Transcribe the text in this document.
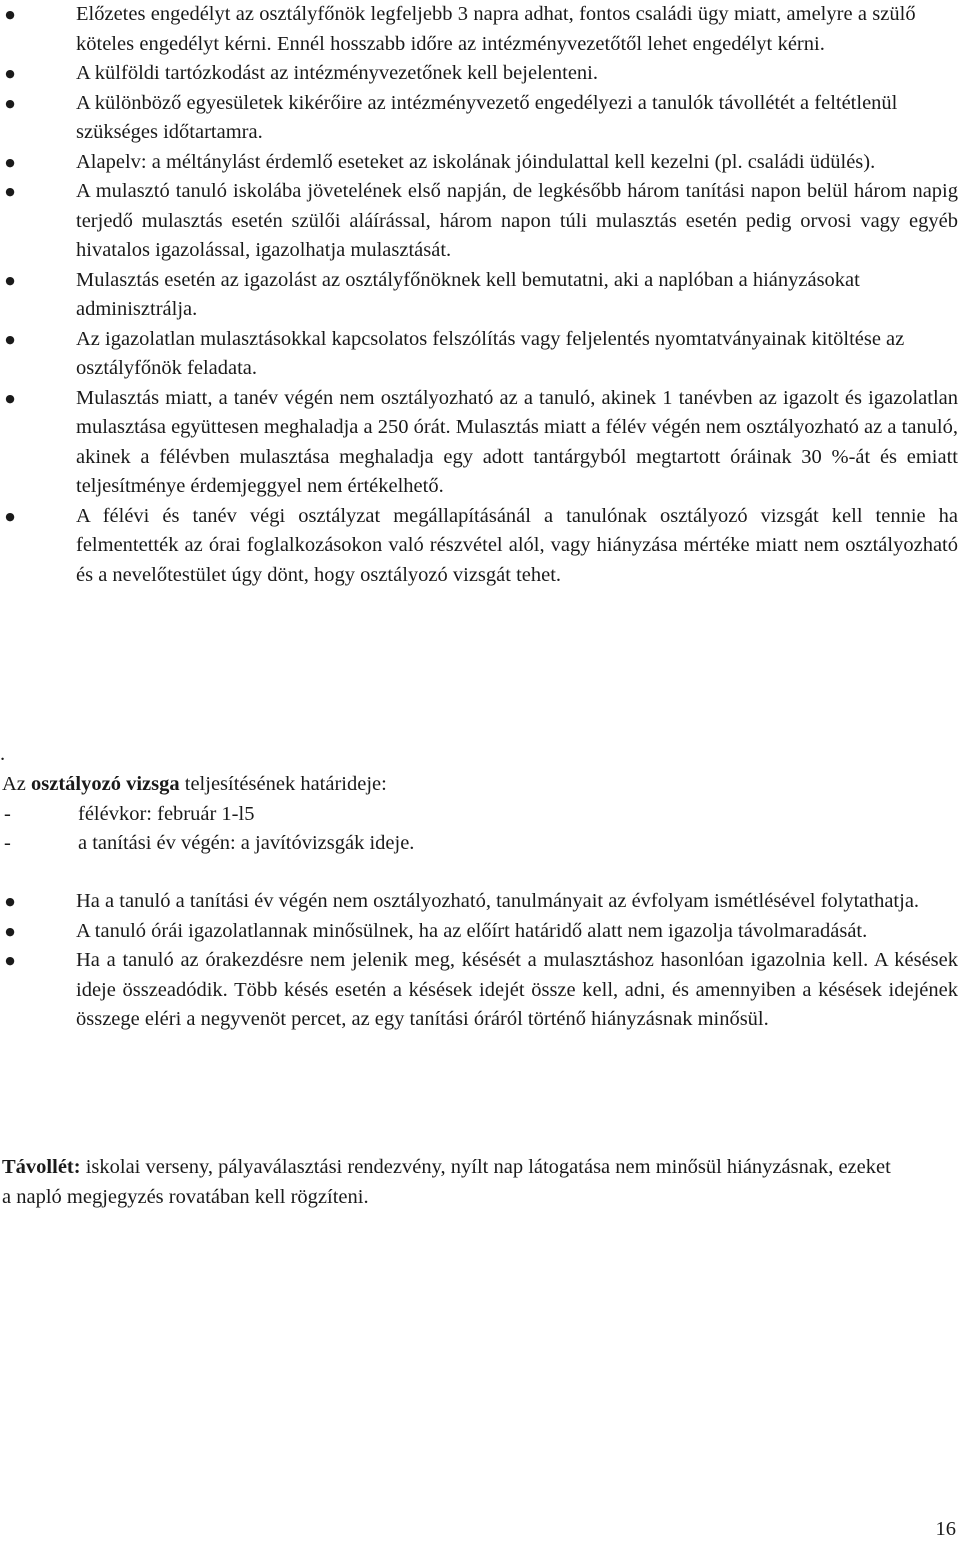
●	Előzetes engedélyt az osztályfőnök legfeljebb 3 napra adhat, fontos családi ügy miatt, amelyre a szülő köteles engedélyt kérni. Ennél hosszabb időre az intézményvezetőtől lehet engedélyt kérni.
●	A külföldi tartózkodást az intézményvezetőnek kell bejelenteni.
●	A különböző egyesületek kikérőire az intézményvezető engedélyezi a tanulók távollétét a feltétlenül szükséges időtartamra.
●	Alapelv: a méltánylást érdemlő eseteket az iskolának jóindulattal kell kezelni (pl. családi üdülés).
●	A mulasztó tanuló iskolába jövetelének első napján, de legkésőbb három tanítási napon belül három napig terjedő mulasztás esetén szülői aláírással, három napon túli mulasztás esetén pedig orvosi vagy egyéb hivatalos igazolással, igazolhatja mulasztását.
●	Mulasztás esetén az igazolást az osztályfőnöknek kell bemutatni, aki a naplóban a hiányzásokat adminisztrálja.
●	Az igazolatlan mulasztásokkal kapcsolatos felszólítás vagy feljelentés nyomtatványainak kitöltése az osztályfőnök feladata.
●	Mulasztás miatt, a tanév végén nem osztályozható az a tanuló, akinek 1 tanévben az igazolt és igazolatlan mulasztása együttesen meghaladja a 250 órát. Mulasztás miatt a félév végén nem osztályozható az a tanuló, akinek a félévben mulasztása meghaladja egy adott tantárgyból megtartott óráinak 30 %-át és emiatt teljesítménye érdemjeggyel nem értékelhető.
●	A félévi és tanév végi osztályzat megállapításánál a tanulónak osztályozó vizsgát kell tennie ha felmentették az órai foglalkozásokon való részvétel alól, vagy hiányzása mértéke miatt nem osztályozható és a nevelőtestület úgy dönt, hogy osztályozó vizsgát tehet.
.
Az osztályozó vizsga teljesítésének határideje:
-	félévkor: február 1-l5
-	a tanítási év végén: a javítóvizsgák ideje.
●	Ha a tanuló a tanítási év végén nem osztályozható, tanulmányait az évfolyam ismétlésével folytathatja.
●	A tanuló órái igazolatlannak minősülnek, ha az előírt határidő alatt nem igazolja távolmaradását.
●	Ha a tanuló az órakezdésre nem jelenik meg, késését a mulasztáshoz hasonlóan igazolnia kell. A késések ideje összeadódik. Több késés esetén a késések idejét össze kell, adni, és amennyiben a késések idejének összege eléri a negyvenöt percet, az egy tanítási óráról történő hiányzásnak minősül.
Távollét: iskolai verseny, pályaválasztási rendezvény, nyílt nap látogatása nem minősül hiányzásnak, ezeket a napló megjegyzés rovatában kell rögzíteni.
16
